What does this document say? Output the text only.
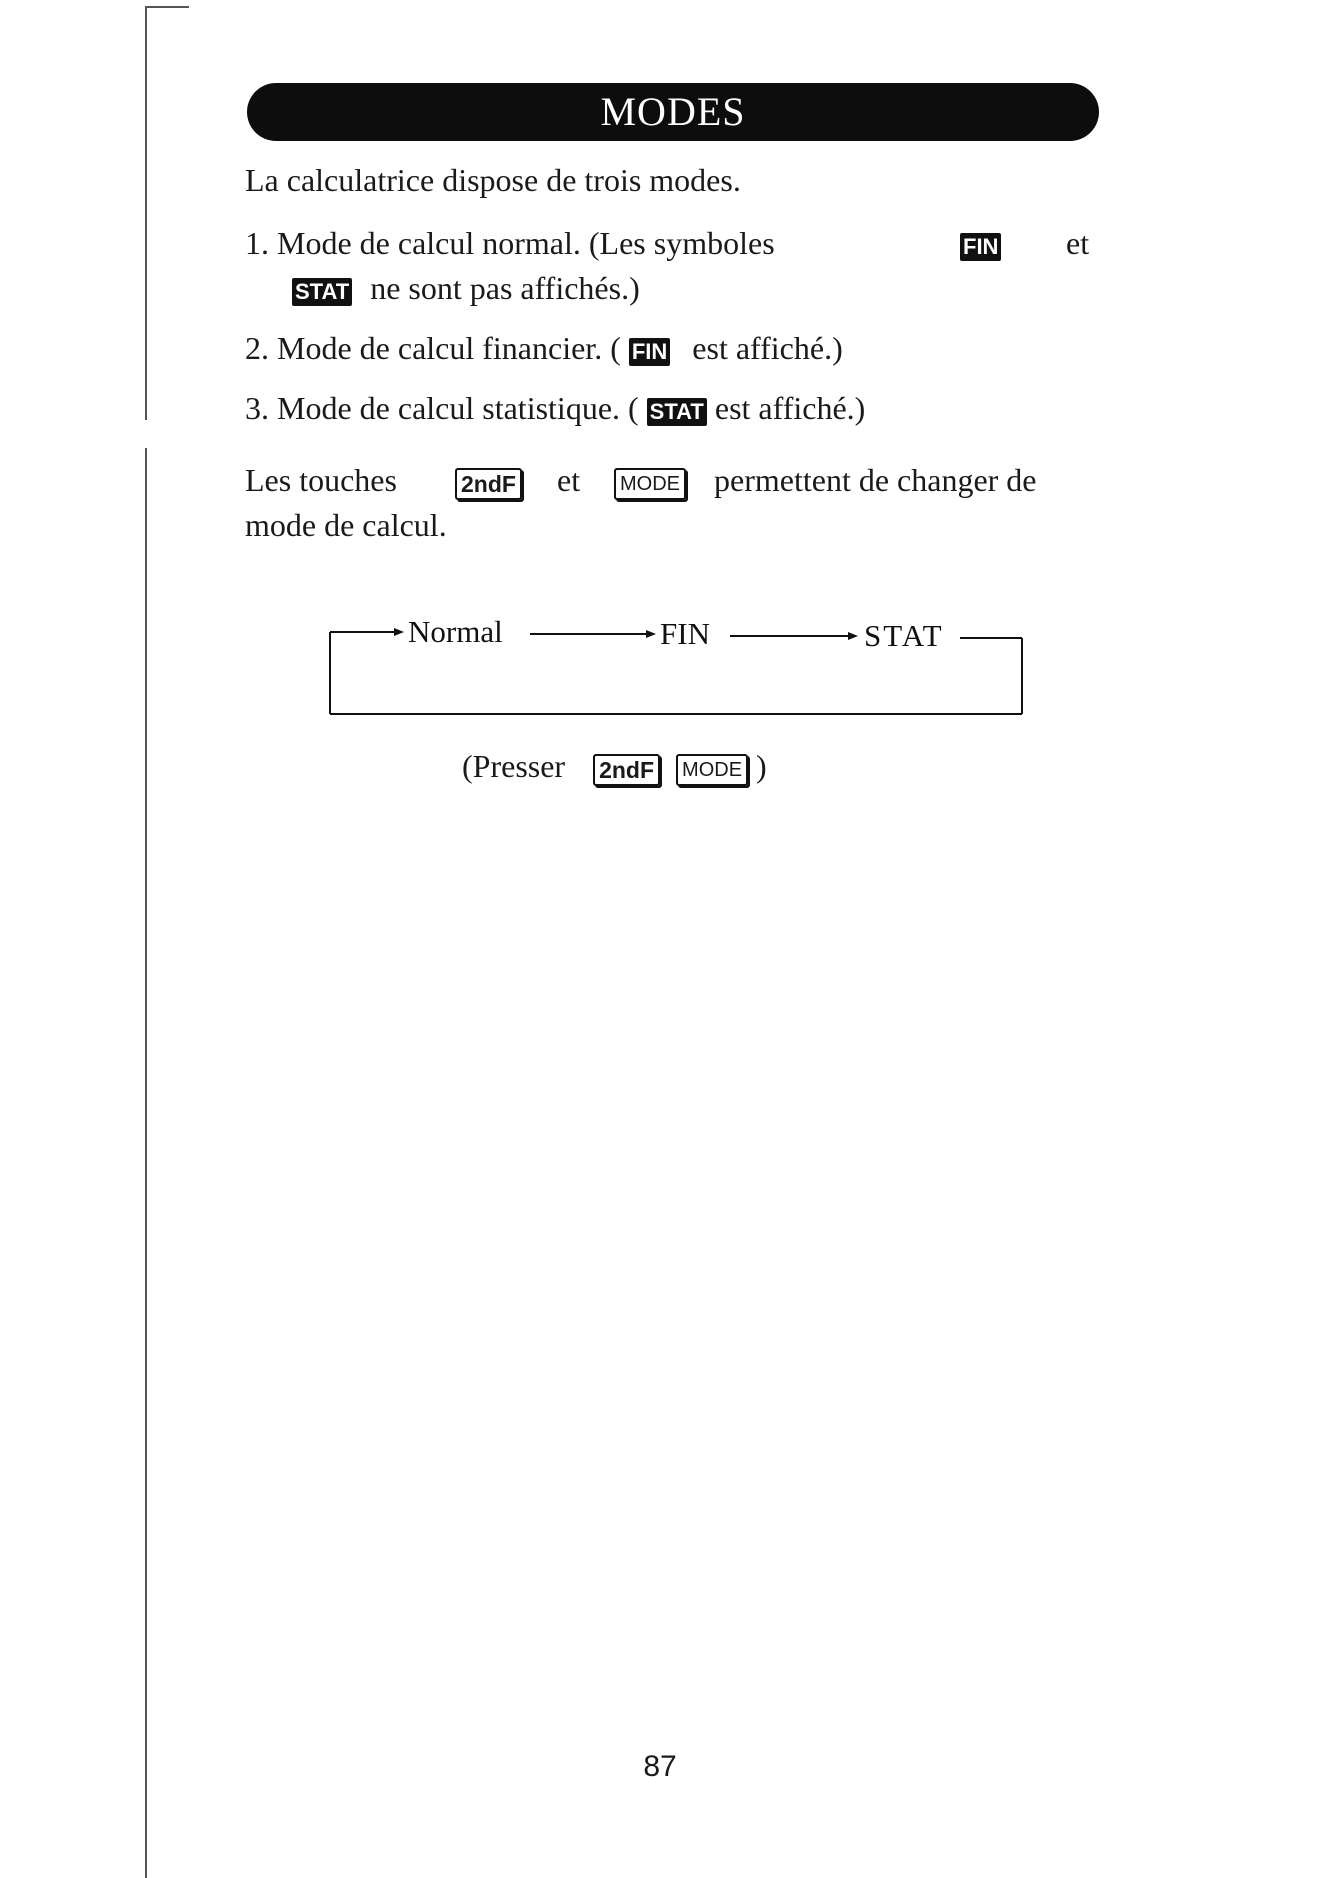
MODES
La calculatrice dispose de trois modes.
1. Mode de calcul normal. (Les symboles	FIN et
STAT ne sont pas affichés.)
2. Mode de calcul financier. ( FIN est affiché.)
3. Mode de calcul statistique. ( STAT est affiché.)
Les touches	2ndF et	MODE permettent de changer de
mode de calcul.
Normal	FIN	STAT
(Presser 2ndF MODE )
87
